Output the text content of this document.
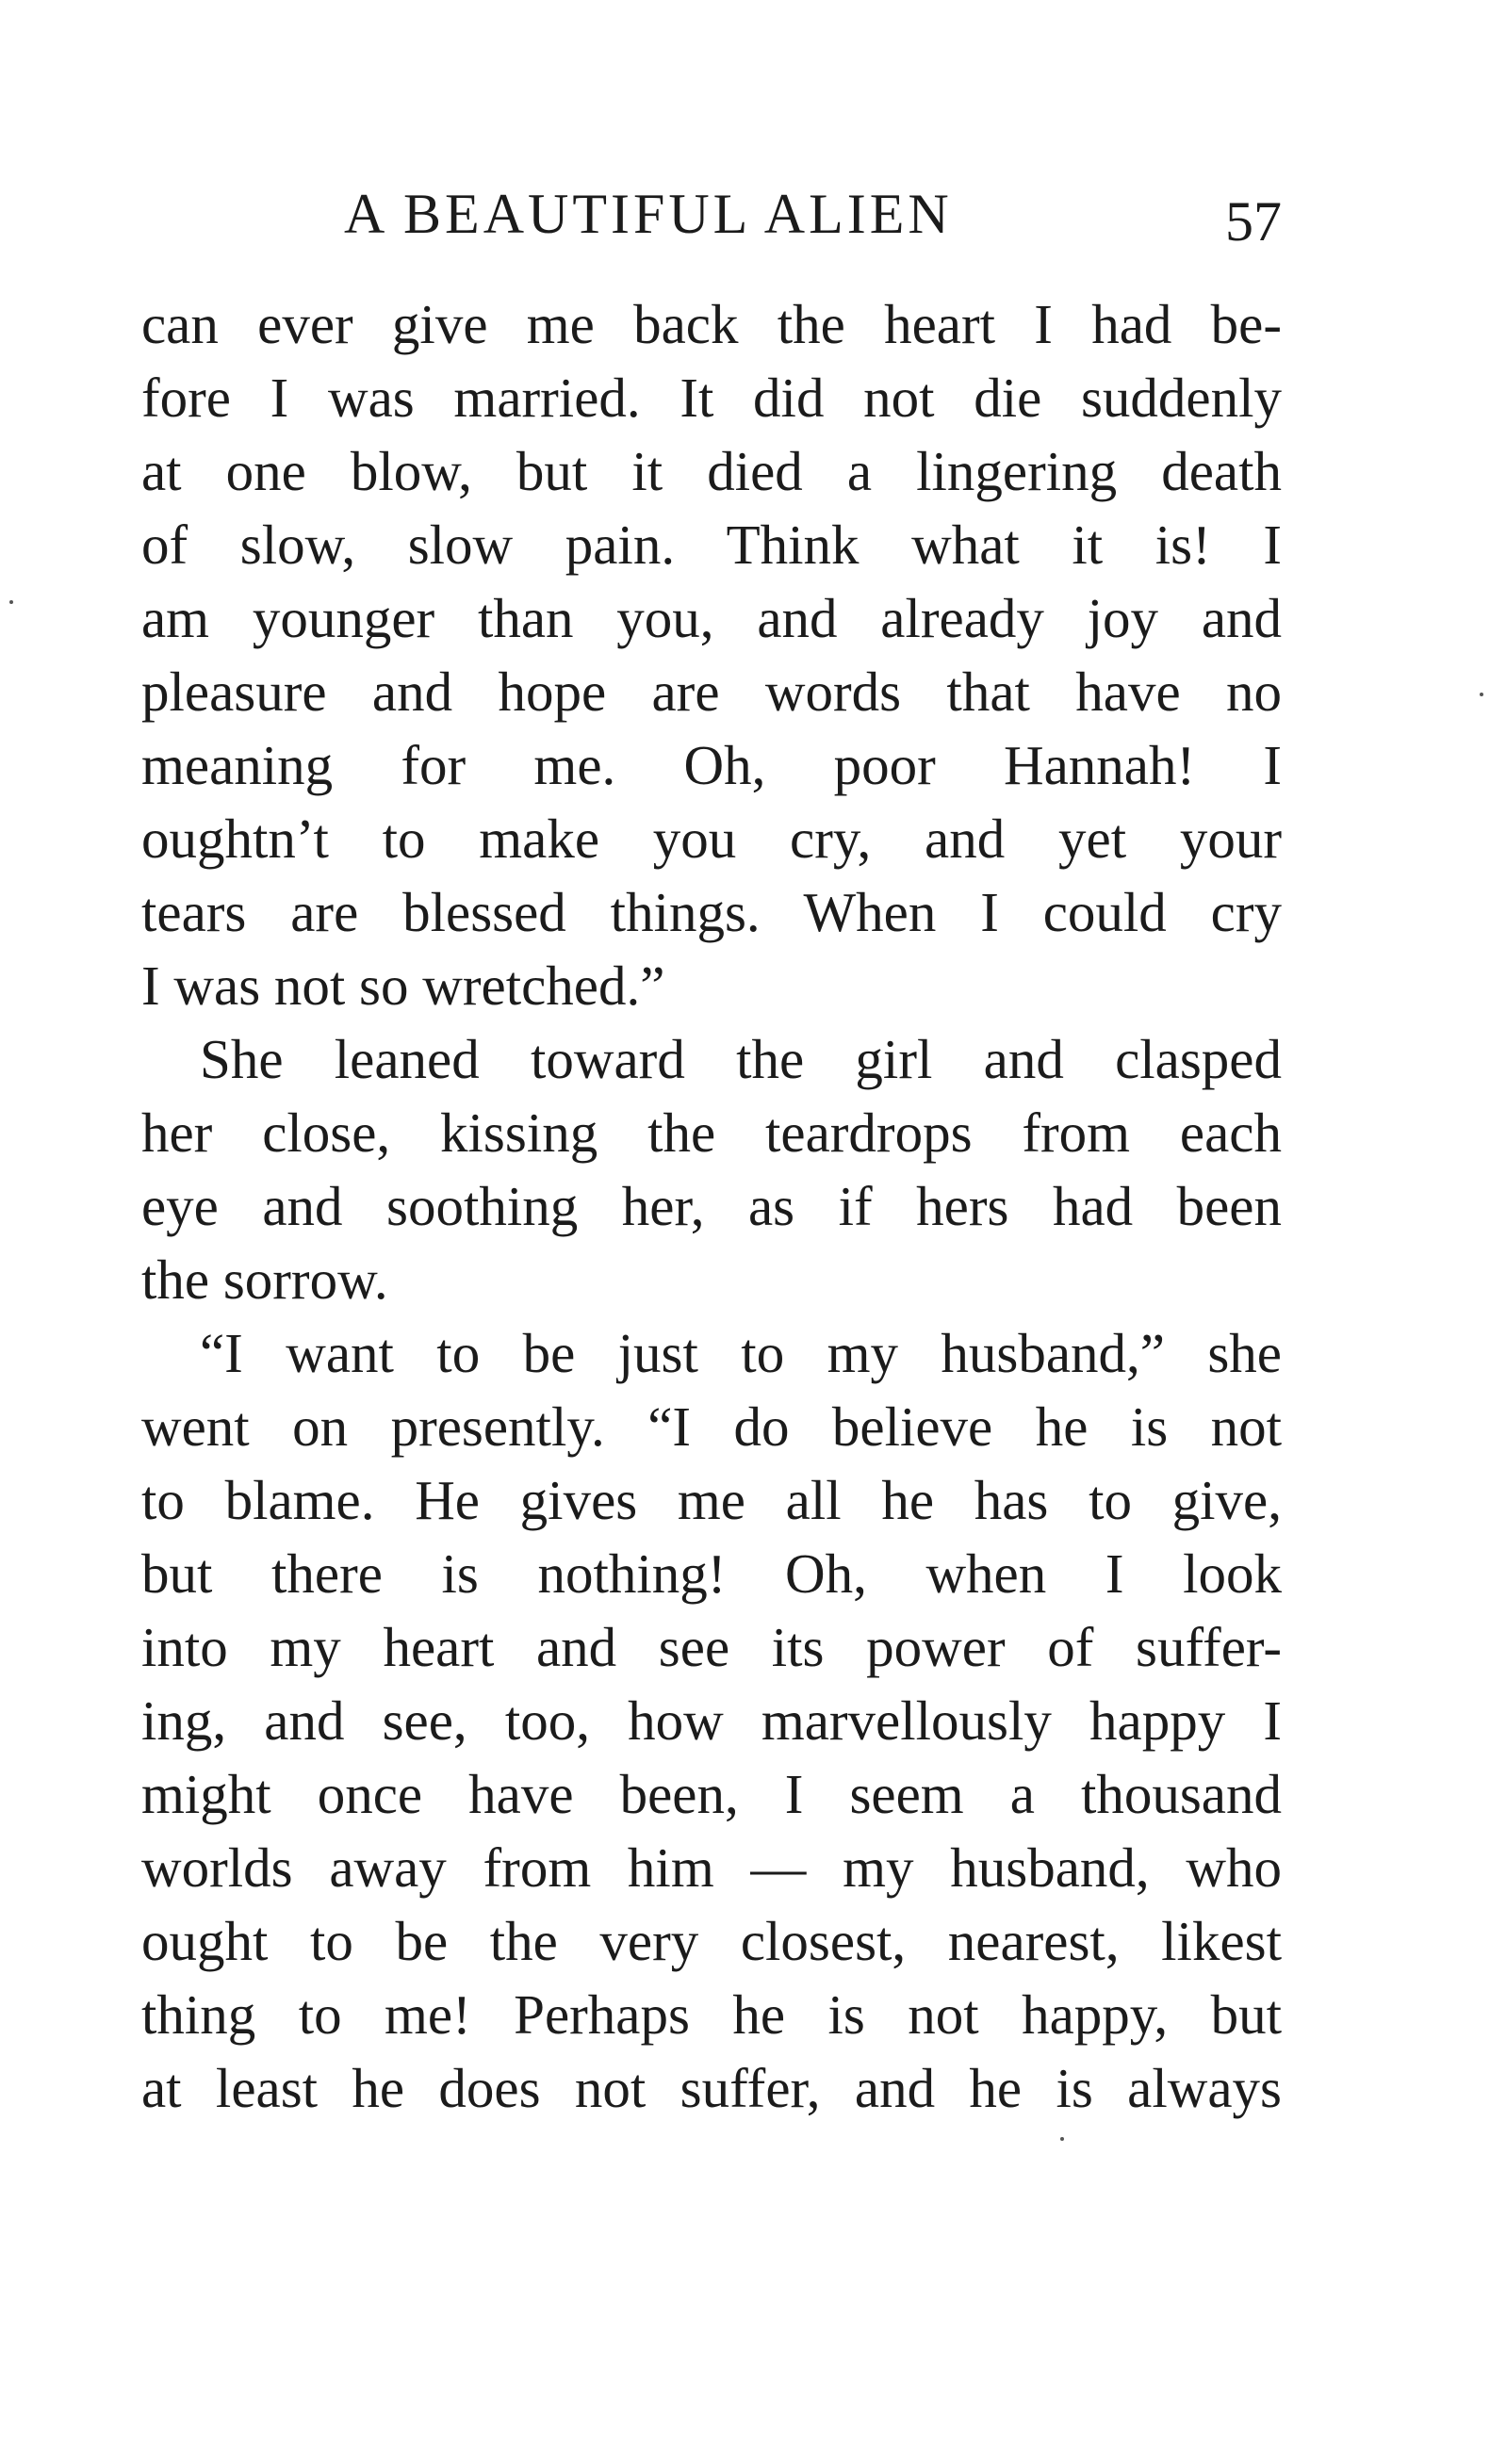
A BEAUTIFUL ALIEN	57
can ever give me back the heart I had be-
fore I was married. It did not die suddenly
at one blow, but it died a lingering death
of slow, slow pain. Think what it is! I
am younger than you, and already joy and
pleasure and hope are words that have no
meaning for me. Oh, poor Hannah! I
oughtn’t to make you cry, and yet your
tears are blessed things. When I could cry
I was not so wretched.”
She leaned toward the girl and clasped
her close, kissing the teardrops from each
eye and soothing her, as if hers had been
the sorrow.
“I want to be just to my husband,” she
went on presently. “I do believe he is not
to blame. He gives me all he has to give,
but there is nothing! Oh, when I look
into my heart and see its power of suffer-
ing, and see, too, how marvellously happy I
might once have been, I seem a thousand
worlds away from him — my husband, who
ought to be the very closest, nearest, likest
thing to me! Perhaps he is not happy, but
at least he does not suffer, and he is always
